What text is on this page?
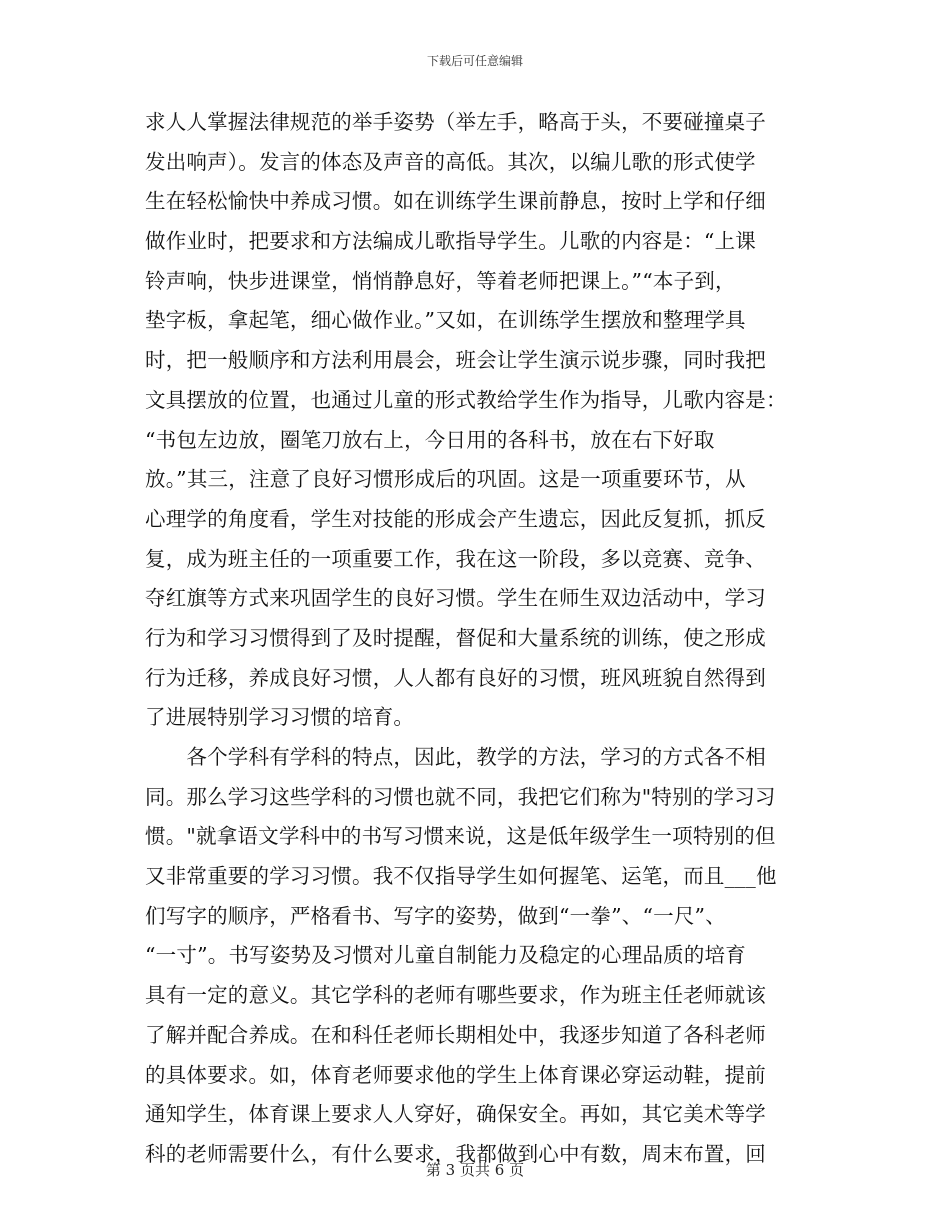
下载后可任意编辑
求人人掌握法律规范的举手姿势（举左手，略高于头，不要碰撞桌子
发出响声）。发言的体态及声音的高低。其次，以编儿歌的形式使学
生在轻松愉快中养成习惯。如在训练学生课前静息，按时上学和仔细
做作业时，把要求和方法编成儿歌指导学生。儿歌的内容是：“上课
铃声响，快步进课堂，悄悄静息好，等着老师把课上。”“本子到，
垫字板，拿起笔，细心做作业。”又如，在训练学生摆放和整理学具
时，把一般顺序和方法利用晨会，班会让学生演示说步骤，同时我把
文具摆放的位置，也通过儿童的形式教给学生作为指导，儿歌内容是：
“书包左边放，圈笔刀放右上，今日用的各科书，放在右下好取
放。”其三，注意了良好习惯形成后的巩固。这是一项重要环节，从
心理学的角度看，学生对技能的形成会产生遗忘，因此反复抓，抓反
复，成为班主任的一项重要工作，我在这一阶段，多以竞赛、竞争、
夺红旗等方式来巩固学生的良好习惯。学生在师生双边活动中，学习
行为和学习习惯得到了及时提醒，督促和大量系统的训练，使之形成
行为迁移，养成良好习惯，人人都有良好的习惯，班风班貌自然得到
了进展特别学习习惯的培育。
　　各个学科有学科的特点，因此，教学的方法，学习的方式各不相
同。那么学习这些学科的习惯也就不同，我把它们称为"特别的学习习
惯。"就拿语文学科中的书写习惯来说，这是低年级学生一项特别的但
又非常重要的学习习惯。我不仅指导学生如何握笔、运笔，而且___他
们写字的顺序，严格看书、写字的姿势，做到“一拳”、“一尺”、
“一寸”。书写姿势及习惯对儿童自制能力及稳定的心理品质的培育
具有一定的意义。其它学科的老师有哪些要求，作为班主任老师就该
了解并配合养成。在和科任老师长期相处中，我逐步知道了各科老师
的具体要求。如，体育老师要求他的学生上体育课必穿运动鞋，提前
通知学生，体育课上要求人人穿好，确保安全。再如，其它美术等学
科的老师需要什么，有什么要求，我都做到心中有数，周末布置，回
第 3 页共 6 页
